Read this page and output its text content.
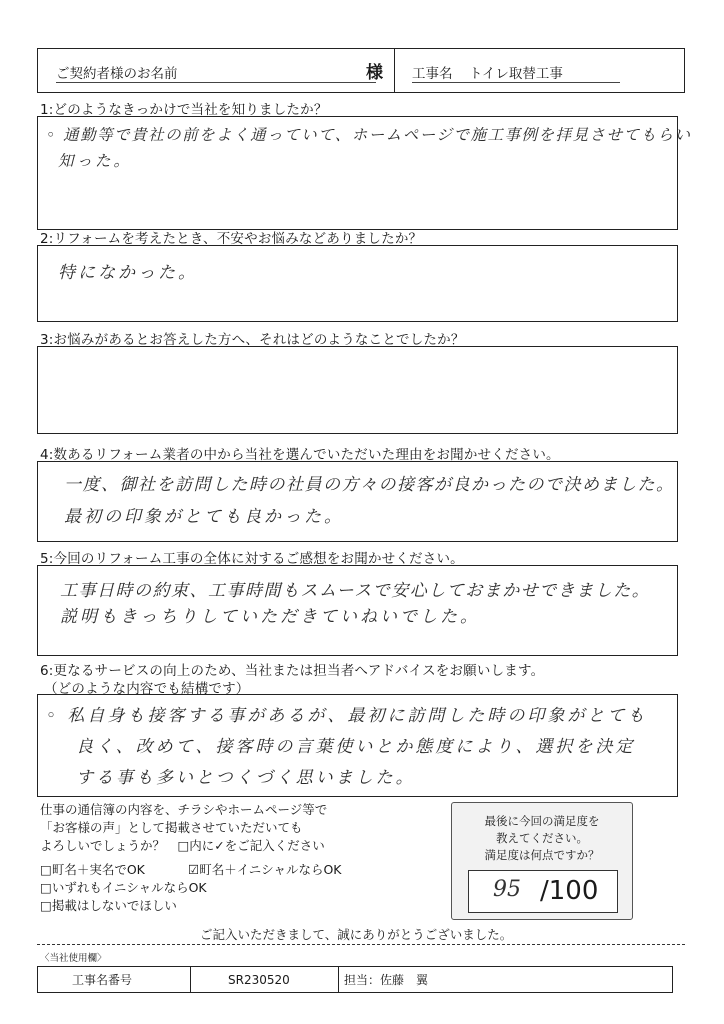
ご契約者様のお名前	様 工事名 トイレ取替工事
1:どのようなきっかけで当社を知りましたか？
◦ 通勤等で貴社の前をよく通っていて、ホームページで施工事例を拝見させてもらい
知った。
2:リフォームを考えたとき、不安やお悩みなどありましたか？
特になかった。
3:お悩みがあるとお答えした方へ、それはどのようなことでしたか？
4:数あるリフォーム業者の中から当社を選んでいただいた理由をお聞かせください。
一度、御社を訪問した時の社員の方々の接客が良かったので決めました。
最初の印象がとても良かった。
5:今回のリフォーム工事の全体に対するご感想をお聞かせください。
工事日時の約束、工事時間もスムースで安心しておまかせできました。
説明もきっちりしていただきていねいでした。
6:更なるサービスの向上のため、当社または担当者へアドバイスをお願いします。
（どのような内容でも結構です）
◦ 私自身も接客する事があるが、最初に訪問した時の印象がとても
良く、改めて、接客時の言葉使いとか態度により、選択を決定
する事も多いとつくづく思いました。
仕事の通信簿の内容を、チラシやホームページ等で
「お客様の声」として掲載させていただいても
よろしいでしょうか？　□内に✓をご記入ください
□町名＋実名でOK	☑町名＋イニシャルならOK
□いずれもイニシャルならOK
□掲載はしないでほしい
最後に今回の満足度を
教えてください。
満足度は何点ですか？
95 /100
ご記入いただきまして、誠にありがとうございました。
〈当社使用欄〉
工事名番号	SR230520	担当： 佐藤　翼
